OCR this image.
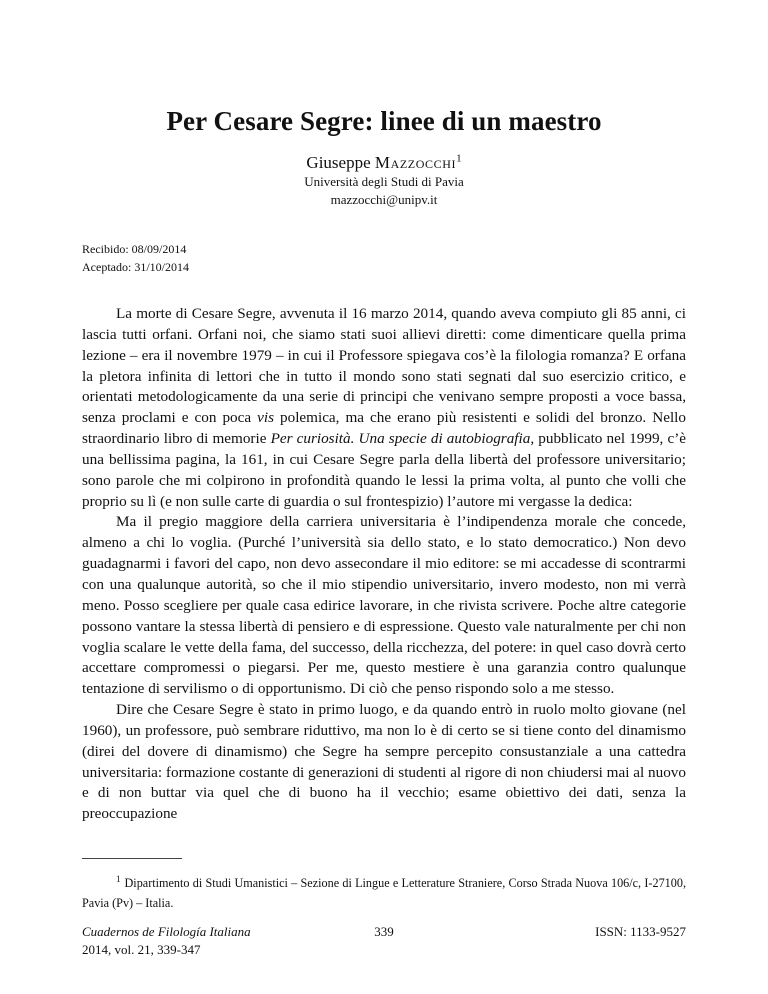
Per Cesare Segre: linee di un maestro
Giuseppe Mazzocchi$^1$
Università degli Studi di Pavia
mazzocchi@unipv.it
Recibido: 08/09/2014
Aceptado: 31/10/2014

La morte di Cesare Segre, avvenuta il 16 marzo 2014, quando aveva compiuto gli 85 anni, ci lascia tutti orfani. Orfani noi, che siamo stati suoi allievi diretti: come dimenticare quella prima lezione – era il novembre 1979 – in cui il Professore spiegava cos’è la filologia romanza? E orfana la pletora infinita di lettori che in tutto il mondo sono stati segnati dal suo esercizio critico, e orientati metodologicamente da una serie di principi che venivano sempre proposti a voce bassa, senza proclami e con poca vis polemica, ma che erano più resistenti e solidi del bronzo. Nello straordinario libro di memorie Per curiosità. Una specie di autobiografia, pubblicato nel 1999, c’è una bellissima pagina, la 161, in cui Cesare Segre parla della libertà del professore universitario; sono parole che mi colpirono in profondità quando le lessi la prima volta, al punto che volli che proprio su lì (e non sulle carte di guardia o sul frontespizio) l’autore mi vergasse la dedica:

Ma il pregio maggiore della carriera universitaria è l’indipendenza morale che concede, almeno a chi lo voglia. (Purché l’università sia dello stato, e lo stato democratico.) Non devo guadagnarmi i favori del capo, non devo assecondare il mio editore: se mi accadesse di scontrarmi con una qualunque autorità, so che il mio stipendio universitario, invero modesto, non mi verrà meno. Posso scegliere per quale casa edirice lavorare, in che rivista scrivere. Poche altre categorie possono vantare la stessa libertà di pensiero e di espressione. Questo vale naturalmente per chi non voglia scalare le vette della fama, del successo, della ricchezza, del potere: in quel caso dovrà certo accettare compromessi o piegarsi. Per me, questo mestiere è una garanzia contro qualunque tentazione di servilismo o di opportunismo. Di ciò che penso rispondo solo a me stesso.

Dire che Cesare Segre è stato in primo luogo, e da quando entrò in ruolo molto giovane (nel 1960), un professore, può sembrare riduttivo, ma non lo è di certo se si tiene conto del dinamismo (direi del dovere di dinamismo) che Segre ha sempre percepito consustanziale a una cattedra universitaria: formazione costante di generazioni di studenti al rigore di non chiudersi mai al nuovo e di non buttar via quel che di buono ha il vecchio; esame obiettivo dei dati, senza la preoccupazione

$^1$ Dipartimento di Studi Umanistici – Sezione di Lingue e Letterature Straniere, Corso Strada Nuova 106/c, I-27100, Pavia (Pv) – Italia.
Cuadernos de Filología Italiana
2014, vol. 21, 339-347
339	ISSN: 1133-9527
